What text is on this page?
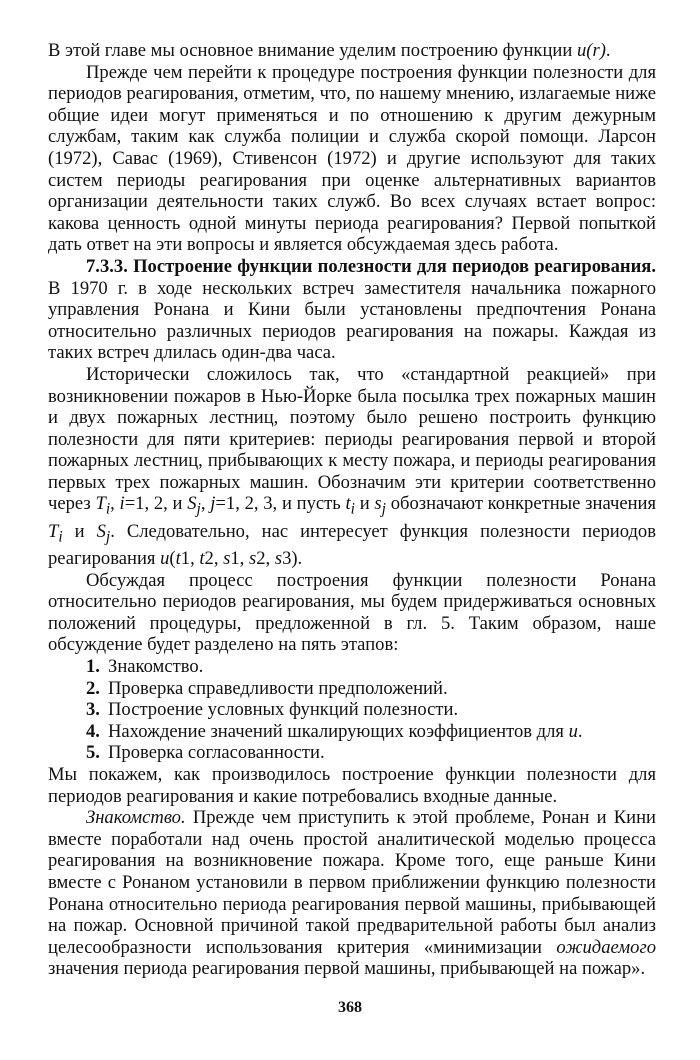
В этой главе мы основное внимание уделим построению функции u(r).

Прежде чем перейти к процедуре построения функции полезности для периодов реагирования, отметим, что, по нашему мнению, излагаемые ниже общие идеи могут применяться и по отношению к другим дежурным службам, таким как служба полиции и служба скорой помощи. Ларсон (1972), Савас (1969), Стивенсон (1972) и другие используют для таких систем периоды реагирования при оценке альтернативных вариантов организации деятельности таких служб. Во всех случаях встает вопрос: какова ценность одной минуты периода реагирования? Первой попыткой дать ответ на эти вопросы и является обсуждаемая здесь работа.

7.3.3. Построение функции полезности для периодов реагирования. В 1970 г. в ходе нескольких встреч заместителя начальника пожарного управления Ронана и Кини были установлены предпочтения Ронана относительно различных периодов реагирования на пожары. Каждая из таких встреч длилась один-два часа.

Исторически сложилось так, что «стандартной реакцией» при возникновении пожаров в Нью-Йорке была посылка трех пожарных машин и двух пожарных лестниц, поэтому было решено построить функцию полезности для пяти критериев: периоды реагирования первой и второй пожарных лестниц, прибывающих к месту пожара, и периоды реагирования первых трех пожарных машин. Обозначим эти критерии соответственно через $T_i$, i=1, 2, и $S_j$, j=1, 2, 3, и пусть $t_i$ и $s_j$ обозначают конкретные значения $T_i$ и $S_j$. Следовательно, нас интересует функция полезности периодов реагирования u(t1, t2, s1, s2, s3).

Обсуждая процесс построения функции полезности Ронана относительно периодов реагирования, мы будем придерживаться основных положений процедуры, предложенной в гл. 5. Таким образом, наше обсуждение будет разделено на пять этапов:

1. Знакомство.
2. Проверка справедливости предположений.
3. Построение условных функций полезности.
4. Нахождение значений шкалирующих коэффициентов для u.
5. Проверка согласованности.

Мы покажем, как производилось построение функции полезности для периодов реагирования и какие потребовались входные данные.

Знакомство. Прежде чем приступить к этой проблеме, Ронан и Кини вместе поработали над очень простой аналитической моделью процесса реагирования на возникновение пожара. Кроме того, еще раньше Кини вместе с Ронаном установили в первом приближении функцию полезности Ронана относительно периода реагирования первой машины, прибывающей на пожар. Основной причиной такой предварительной работы был анализ целесообразности использования критерия «минимизации ожидаемого значения периода реагирования первой машины, прибывающей на пожар».

368
